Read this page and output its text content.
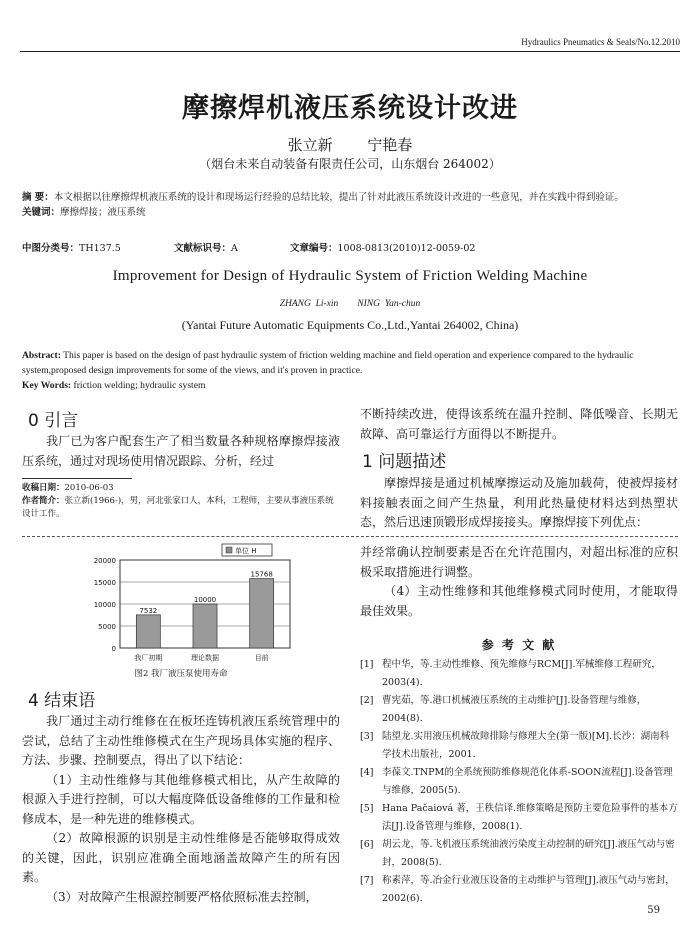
Hydraulics Pneumatics & Seals/No.12.2010
摩擦焊机液压系统设计改进
张立新 宁艳春
（烟台未来自动装备有限责任公司，山东烟台 264002）
摘 要：本文根据以往摩擦焊机液压系统的设计和现场运行经验的总结比较，提出了针对此液压系统设计改进的一些意见，并在实践中得到验证。
关键词：摩擦焊接；液压系统
中图分类号：TH137.5	文献标识号：A	文章编号：1008-0813(2010)12-0059-02
Improvement for Design of Hydraulic System of Friction Welding Machine
ZHANG  Li-xin        NING  Yan-chun
(Yantai Future Automatic Equipments Co.,Ltd.,Yantai 264002, China)
Abstract: This paper is based on the design of past hydraulic system of friction welding machine and field operation and experience compared to the hydraulic system,proposed design improvements for some of the views, and it's proven in practice.
Key Words: friction welding; hydraulic system
0 引言
我厂已为客户配套生产了相当数量各种规格摩擦焊接液压系统，通过对现场使用情况跟踪、分析，经过
收稿日期：2010-06-03
作者简介：张立新(1966-)，男，河北张家口人，本科，工程师，主要从事液压系统设计工作。
不断持续改进，使得该系统在温升控制、降低噪音、长期无故障、高可靠运行方面得以不断提升。
1 问题描述
摩擦焊接是通过机械摩擦运动及施加载荷，使被焊接材料接触表面之间产生热量，利用此热量使材料达到热塑状态，然后迅速顶锻形成焊接接头。摩擦焊接下列优点：
0
5000
10000
15000
20000
单位 H
7532
我厂初期
10000
理论数据
15768
目前
图2 我厂液压泵使用寿命
4 结束语
我厂通过主动行维修在在板坯连铸机液压系统管理中的尝试，总结了主动性维修模式在生产现场具体实施的程序、方法、步骤、控制要点，得出了以下结论：
（1）主动性维修与其他维修模式相比，从产生故障的根源入手进行控制，可以大幅度降低设备维修的工作量和检修成本，是一种先进的维修模式。
（2）故障根源的识别是主动性维修是否能够取得成效的关键，因此，识别应准确全面地涵盖故障产生的所有因素。
（3）对故障产生根源控制要严格依照标准去控制，
并经常确认控制要素是否在允许范围内，对超出标准的应积极采取措施进行调整。
（4）主动性维修和其他维修模式同时使用，才能取得最佳效果。
参 考 文 献
[1] 程中华，等.主动性维修、预先维修与RCM[J].军械维修工程研究，2003(4).
[2] 曹宪茹，等.港口机械液压系统的主动维护[J].设备管理与维修，2004(8).
[3] 陆望龙.实用液压机械故障排除与修理大全(第一版)[M].长沙：湖南科学技术出版社，2001.
[4] 李葆文.TNPM的全系统预防维修规范化体系-SOON流程[J].设备管理与维修，2005(5).
[5] Hana Pačaiová 著，王秩信译.维修策略是预防主要危险事件的基本方法[J].设备管理与维修，2008(1).
[6] 胡云龙，等.飞机液压系统油液污染度主动控制的研究[J].液压气动与密封，2008(5).
[7] 称素萍，等.冶金行业液压设备的主动维护与管理[J].液压气动与密封，2002(6).
59
